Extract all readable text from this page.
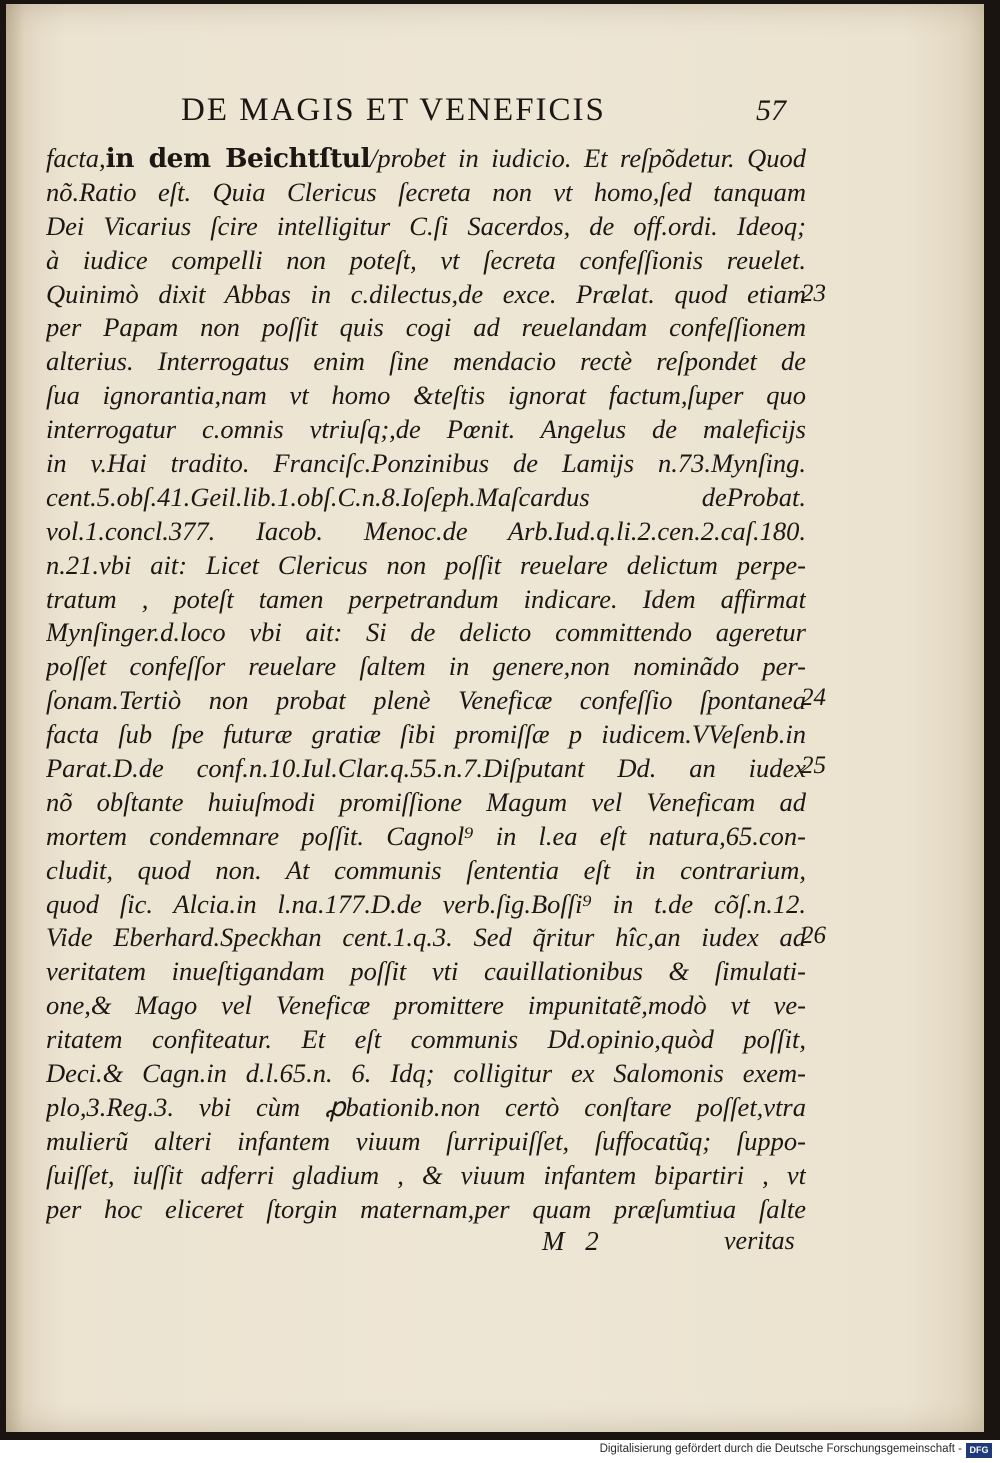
DE MAGIS ET VENEFICIS	57
facta,in dem Beichtſtul/probet in iudicio. Et reſpõdetur. Quod
nõ.Ratio eſt. Quia Clericus ſecreta non vt homo,ſed tanquam
Dei Vicarius ſcire intelligitur C.ſi Sacerdos, de off.ordi. Ideoq;
à iudice compelli non poteſt, vt ſecreta confeſſionis reuelet.
Quinimò dixit Abbas in c.dilectus,de exce. Prælat. quod etiam
per Papam non poſſit quis cogi ad reuelandam confeſſionem
alterius. Interrogatus enim ſine mendacio rectè reſpondet de
ſua ignorantia,nam vt homo &teſtis ignorat factum,ſuper quo
interrogatur c.omnis vtriuſq;,de Pœnit. Angelus de maleficijs
in v.Hai tradito. Franciſc.Ponzinibus de Lamijs n.73.Mynſing.
cent.5.obſ.41.Geil.lib.1.obſ.C.n.8.Ioſeph.Maſcardus deProbat.
vol.1.concl.377. Iacob. Menoc.de Arb.Iud.q.li.2.cen.2.caſ.180.
n.21.vbi ait: Licet Clericus non poſſit reuelare delictum perpe-
tratum , poteſt tamen perpetrandum indicare. Idem affirmat
Mynſinger.d.loco vbi ait: Si de delicto committendo ageretur
poſſet confeſſor reuelare ſaltem in genere,non nominãdo per-
ſonam.Tertiò non probat plenè Veneficæ confeſſio ſpontanea
facta ſub ſpe futuræ gratiæ ſibi promiſſæ p iudicem.VVeſenb.in
Parat.D.de conf.n.10.Iul.Clar.q.55.n.7.Diſputant Dd. an iudex
nõ obſtante huiuſmodi promiſſione Magum vel Veneficam ad
mortem condemnare poſſit. Cagnol⁹ in l.ea eſt natura,65.con-
cludit, quod non. At communis ſententia eſt in contrarium,
quod ſic. Alcia.in l.na.177.D.de verb.ſig.Boſſi⁹ in t.de cõſ.n.12.
Vide Eberhard.Speckhan cent.1.q.3. Sed q̃ritur hîc,an iudex ad
veritatem inueſtigandam poſſit vti cauillationibus & ſimulati-
one,& Mago vel Veneficæ promittere impunitatẽ,modò vt ve-
ritatem confiteatur. Et eſt communis Dd.opinio,quòd poſſit,
Deci.& Cagn.in d.l.65.n. 6. Idq; colligitur ex Salomonis exem-
plo,3.Reg.3. vbi cùm ꝓbationib.non certò conſtare poſſet,vtra
mulierũ alteri infantem viuum ſurripuiſſet, ſuffocatũq; ſuppo-
ſuiſſet, iuſſit adferri gladium , & viuum infantem bipartiri , vt
per hoc eliceret ſtorgin maternam,per quam præſumtiua ſalte
23
24
25
26
M 2	veritas
Digitalisierung gefördert durch die Deutsche Forschungsgemeinschaft - DFG
